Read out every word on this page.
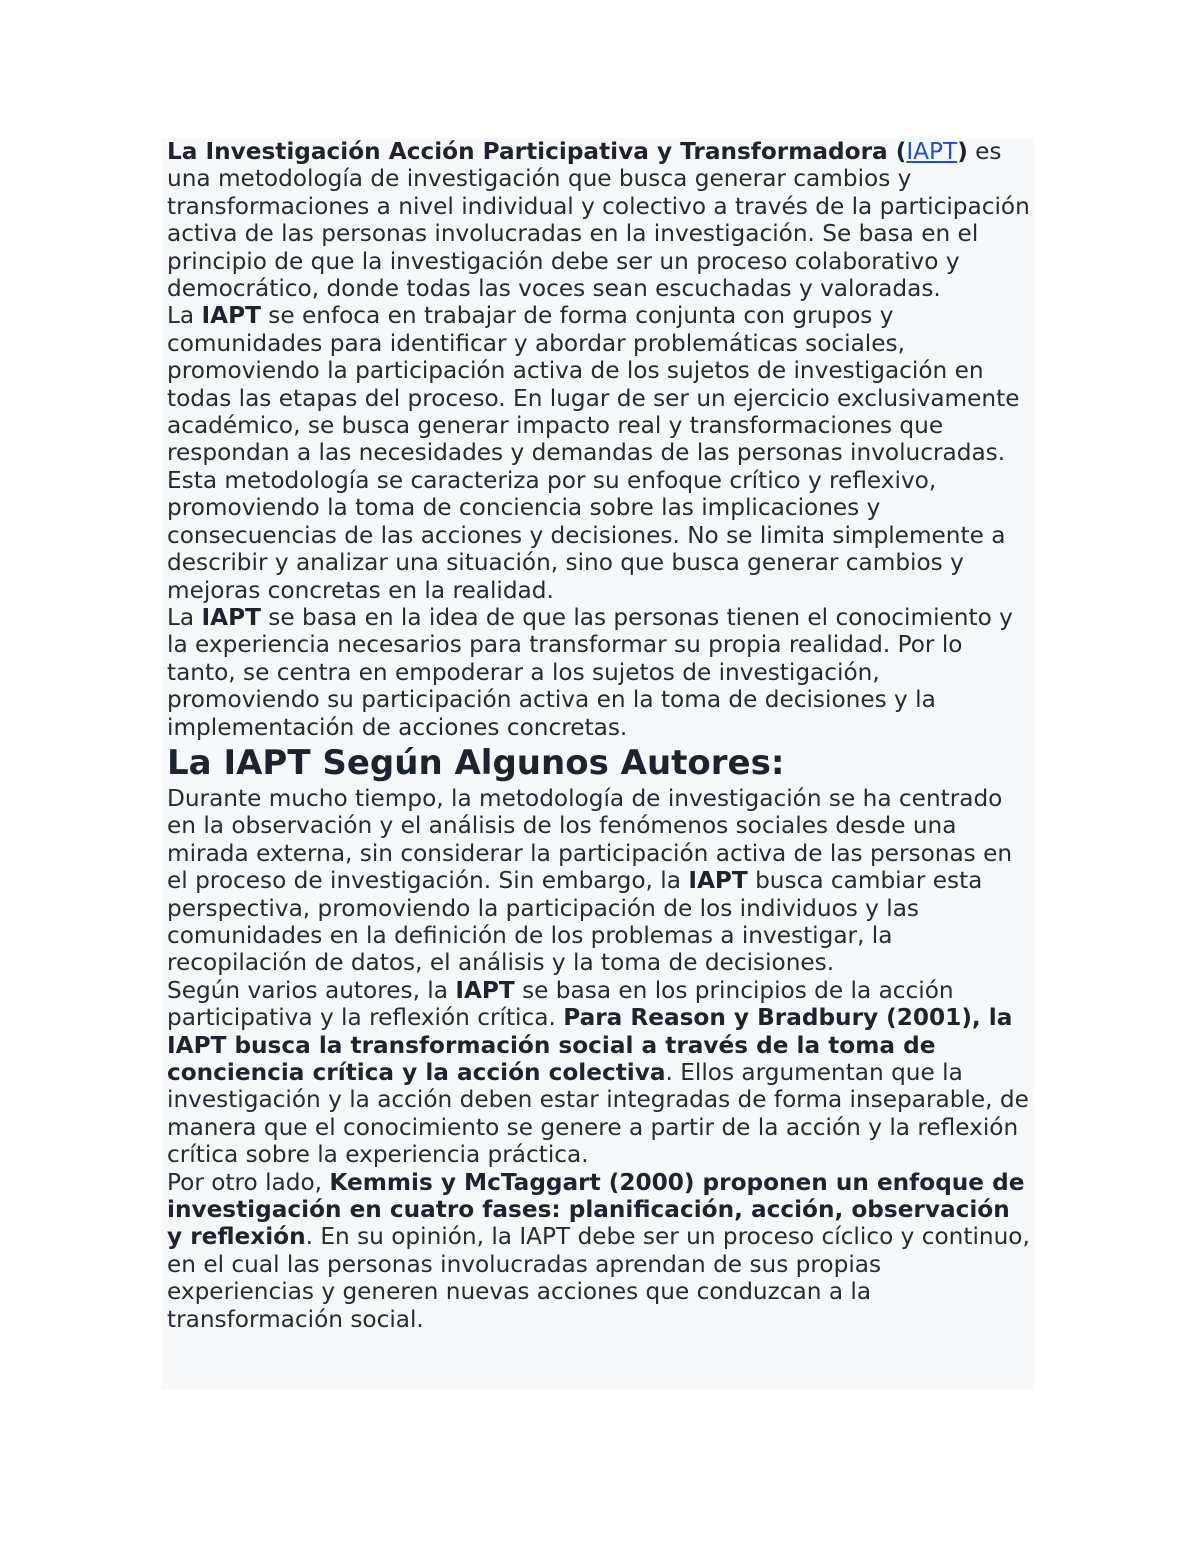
La Investigación Acción Participativa y Transformadora (IAPT) es una metodología de investigación que busca generar cambios y transformaciones a nivel individual y colectivo a través de la participación activa de las personas involucradas en la investigación. Se basa en el principio de que la investigación debe ser un proceso colaborativo y democrático, donde todas las voces sean escuchadas y valoradas.

La IAPT se enfoca en trabajar de forma conjunta con grupos y comunidades para identificar y abordar problemáticas sociales, promoviendo la participación activa de los sujetos de investigación en todas las etapas del proceso. En lugar de ser un ejercicio exclusivamente académico, se busca generar impacto real y transformaciones que respondan a las necesidades y demandas de las personas involucradas.

Esta metodología se caracteriza por su enfoque crítico y reflexivo, promoviendo la toma de conciencia sobre las implicaciones y consecuencias de las acciones y decisiones. No se limita simplemente a describir y analizar una situación, sino que busca generar cambios y mejoras concretas en la realidad.

La IAPT se basa en la idea de que las personas tienen el conocimiento y la experiencia necesarios para transformar su propia realidad. Por lo tanto, se centra en empoderar a los sujetos de investigación, promoviendo su participación activa en la toma de decisiones y la implementación de acciones concretas.

La IAPT Según Algunos Autores:

Durante mucho tiempo, la metodología de investigación se ha centrado en la observación y el análisis de los fenómenos sociales desde una mirada externa, sin considerar la participación activa de las personas en el proceso de investigación. Sin embargo, la IAPT busca cambiar esta perspectiva, promoviendo la participación de los individuos y las comunidades en la definición de los problemas a investigar, la recopilación de datos, el análisis y la toma de decisiones.

Según varios autores, la IAPT se basa en los principios de la acción participativa y la reflexión crítica. Para Reason y Bradbury (2001), la IAPT busca la transformación social a través de la toma de conciencia crítica y la acción colectiva. Ellos argumentan que la investigación y la acción deben estar integradas de forma inseparable, de manera que el conocimiento se genere a partir de la acción y la reflexión crítica sobre la experiencia práctica.

Por otro lado, Kemmis y McTaggart (2000) proponen un enfoque de investigación en cuatro fases: planificación, acción, observación y reflexión. En su opinión, la IAPT debe ser un proceso cíclico y continuo, en el cual las personas involucradas aprendan de sus propias experiencias y generen nuevas acciones que conduzcan a la transformación social.
